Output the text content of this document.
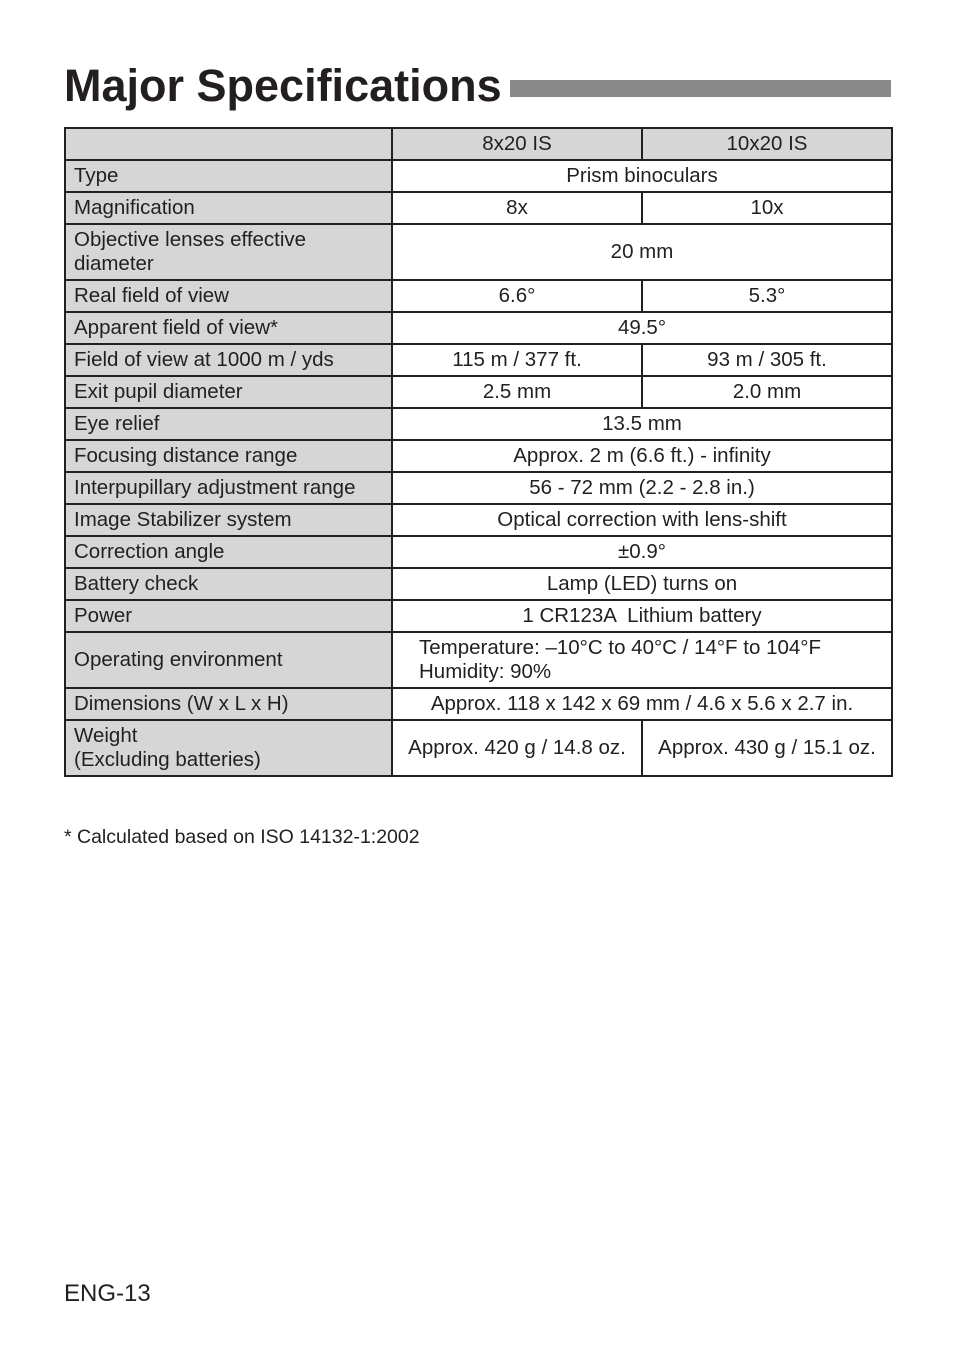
Major Specifications
	8x20 IS	10x20 IS
Type	Prism binoculars	
Magnification	8x	10x
Objective lenses effective
diameter	20 mm	
Real field of view	6.6°	5.3°
Apparent field of view*	49.5°	
Field of view at 1000 m / yds	115 m / 377 ft.	93 m / 305 ft.
Exit pupil diameter	2.5 mm	2.0 mm
Eye relief	13.5 mm	
Focusing distance range	Approx. 2 m (6.6 ft.) - infinity	
Interpupillary adjustment range	56 - 72 mm (2.2 - 2.8 in.)	
Image Stabilizer system	Optical correction with lens-shift	
Correction angle	±0.9°	
Battery check	Lamp (LED) turns on	
Power	1 CR123A  Lithium battery	
Operating environment	Temperature: –10°C to 40°C / 14°F to 104°F
Humidity: 90%	
Dimensions (W x L x H)	Approx. 118 x 142 x 69 mm / 4.6 x 5.6 x 2.7 in.	
Weight
(Excluding batteries)	Approx. 420 g / 14.8 oz.	Approx. 430 g / 15.1 oz.
* Calculated based on ISO 14132-1:2002
ENG-13
